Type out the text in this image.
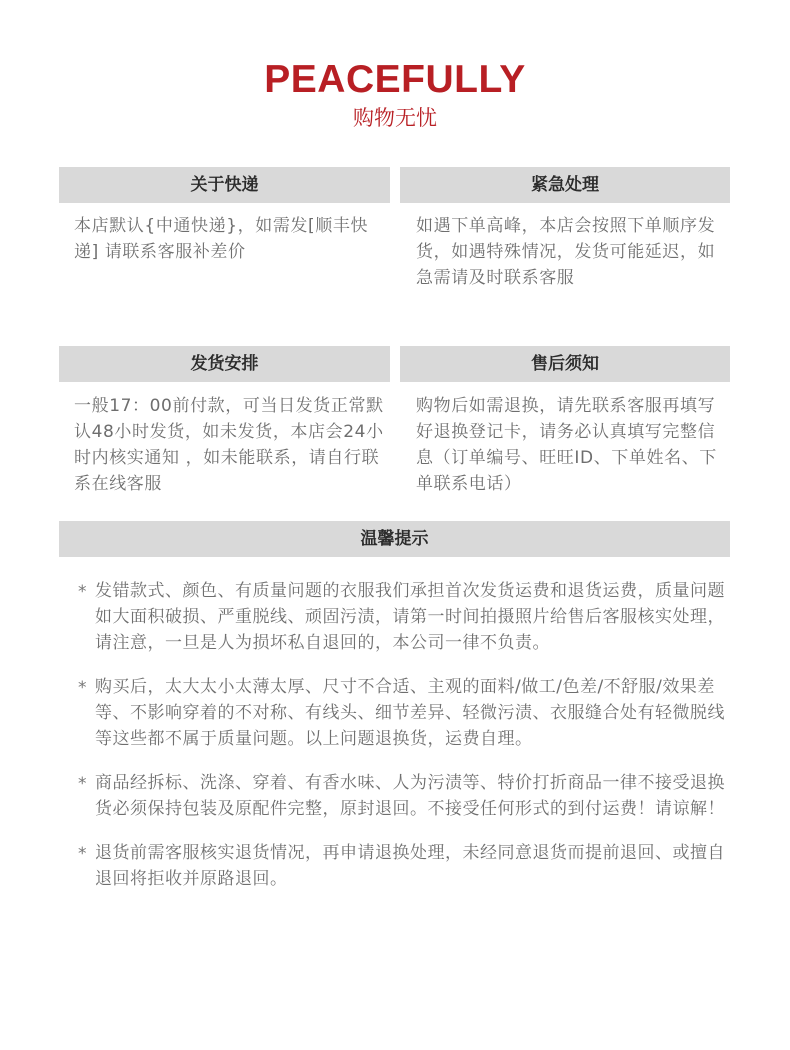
PEACEFULLY
购物无忧
关于快递	紧急处理
本店默认{中通快递}，如需发[顺丰快递] 请联系客服补差价
如遇下单高峰，本店会按照下单顺序发货，如遇特殊情况，发货可能延迟，如急需请及时联系客服
发货安排	售后须知
一般17：00前付款，可当日发货正常默认48小时发货，如未发货，本店会24小时内核实通知 ，如未能联系，请自行联系在线客服
购物后如需退换，请先联系客服再填写好退换登记卡，请务必认真填写完整信息（订单编号、旺旺ID、下单姓名、下单联系电话）
温馨提示
* 发错款式、颜色、有质量问题的衣服我们承担首次发货运费和退货运费，质量问题如大面积破损、严重脱线、顽固污渍，请第一时间拍摄照片给售后客服核实处理，请注意，一旦是人为损坏私自退回的，本公司一律不负责。
* 购买后，太大太小太薄太厚、尺寸不合适、主观的面料/做工/色差/不舒服/效果差等、不影响穿着的不对称、有线头、细节差异、轻微污渍、衣服缝合处有轻微脱线等这些都不属于质量问题。以上问题退换货，运费自理。
* 商品经拆标、洗涤、穿着、有香水味、人为污渍等、特价打折商品一律不接受退换货必须保持包装及原配件完整，原封退回。不接受任何形式的到付运费！请谅解！
* 退货前需客服核实退货情况，再申请退换处理，未经同意退货而提前退回、或擅自退回将拒收并原路退回。
